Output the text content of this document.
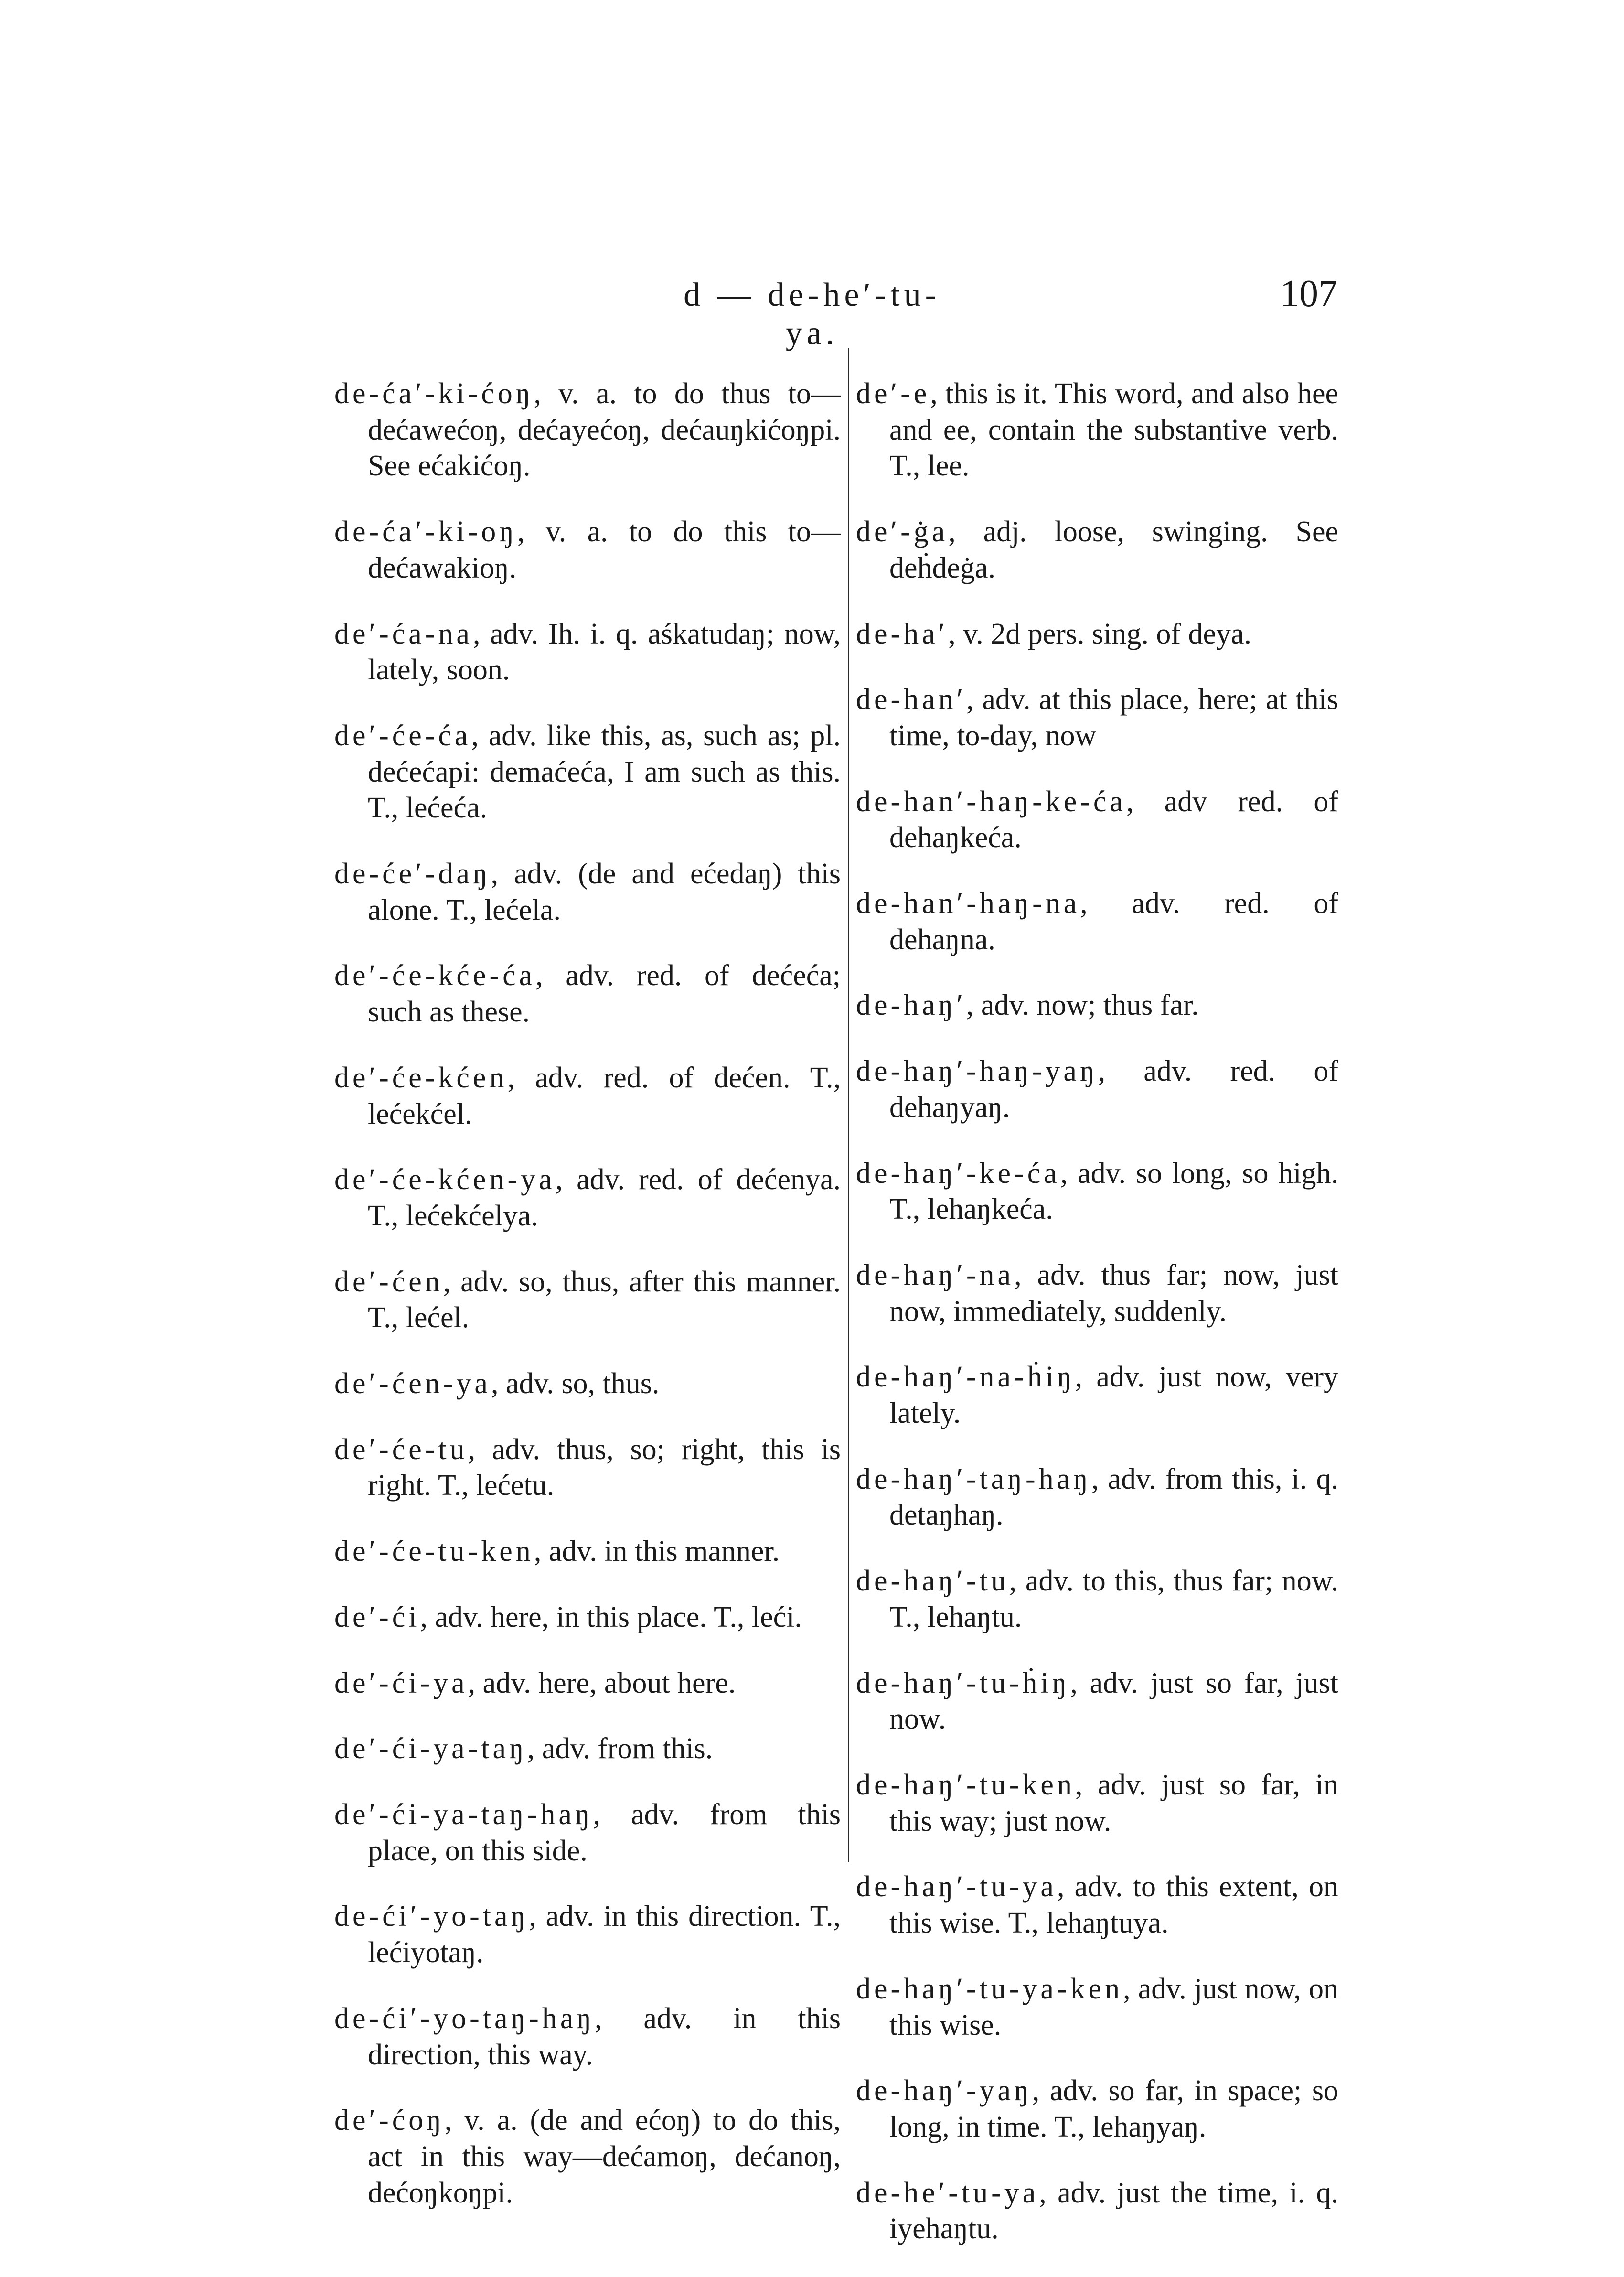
d — de-he′-tu-ya.
107

de-ća′-ki-ćoŋ, v. a. to do thus to—dećawećoŋ, dećayećoŋ, dećauŋkićoŋpi. See ećakićoŋ.

de-ća′-ki-oŋ, v. a. to do this to—dećawakioŋ.

de′-ća-na, adv. Ih. i. q. aśkatudaŋ; now, lately, soon.

de′-će-ća, adv. like this, as, such as; pl. dećećapi: demaćeća, I am such as this. T., lećeća.

de-će′-daŋ, adv. (de and ećedaŋ) this alone. T., lećela.

de′-će-kće-ća, adv. red. of dećeća; such as these.

de′-će-kćen, adv. red. of dećen. T., lećekćel.

de′-će-kćen-ya, adv. red. of dećenya. T., lećekćelya.

de′-ćen, adv. so, thus, after this manner. T., lećel.

de′-ćen-ya, adv. so, thus.

de′-će-tu, adv. thus, so; right, this is right. T., lećetu.

de′-će-tu-ken, adv. in this manner.

de′-ći, adv. here, in this place. T., leći.

de′-ći-ya, adv. here, about here.

de′-ći-ya-taŋ, adv. from this.

de′-ći-ya-taŋ-haŋ, adv. from this place, on this side.

de-ći′-yo-taŋ, adv. in this direction. T., lećiyotaŋ.

de-ći′-yo-taŋ-haŋ, adv. in this direction, this way.

de′-ćoŋ, v. a. (de and ećoŋ) to do this, act in this way—dećamoŋ, dećanoŋ, dećoŋkoŋpi.

de′-e, this is it. This word, and also hee and ee, contain the substantive verb. T., lee.

de′-ġa, adj. loose, swinging. See deḣdeġa.

de-ha′, v. 2d pers. sing. of deya.

de-han′, adv. at this place, here; at this time, to-day, now

de-han′-haŋ-ke-ća, adv red. of dehaŋkeća.

de-han′-haŋ-na, adv. red. of dehaŋna.

de-haŋ′, adv. now; thus far.

de-haŋ′-haŋ-yaŋ, adv. red. of dehaŋyaŋ.

de-haŋ′-ke-ća, adv. so long, so high. T., lehaŋkeća.

de-haŋ′-na, adv. thus far; now, just now, immediately, suddenly.

de-haŋ′-na-ḣiŋ, adv. just now, very lately.

de-haŋ′-taŋ-haŋ, adv. from this, i. q. detaŋhaŋ.

de-haŋ′-tu, adv. to this, thus far; now. T., lehaŋtu.

de-haŋ′-tu-ḣiŋ, adv. just so far, just now.

de-haŋ′-tu-ken, adv. just so far, in this way; just now.

de-haŋ′-tu-ya, adv. to this extent, on this wise. T., lehaŋtuya.

de-haŋ′-tu-ya-ken, adv. just now, on this wise.

de-haŋ′-yaŋ, adv. so far, in space; so long, in time. T., lehaŋyaŋ.

de-he′-tu-ya, adv. just the time, i. q. iyehaŋtu.
